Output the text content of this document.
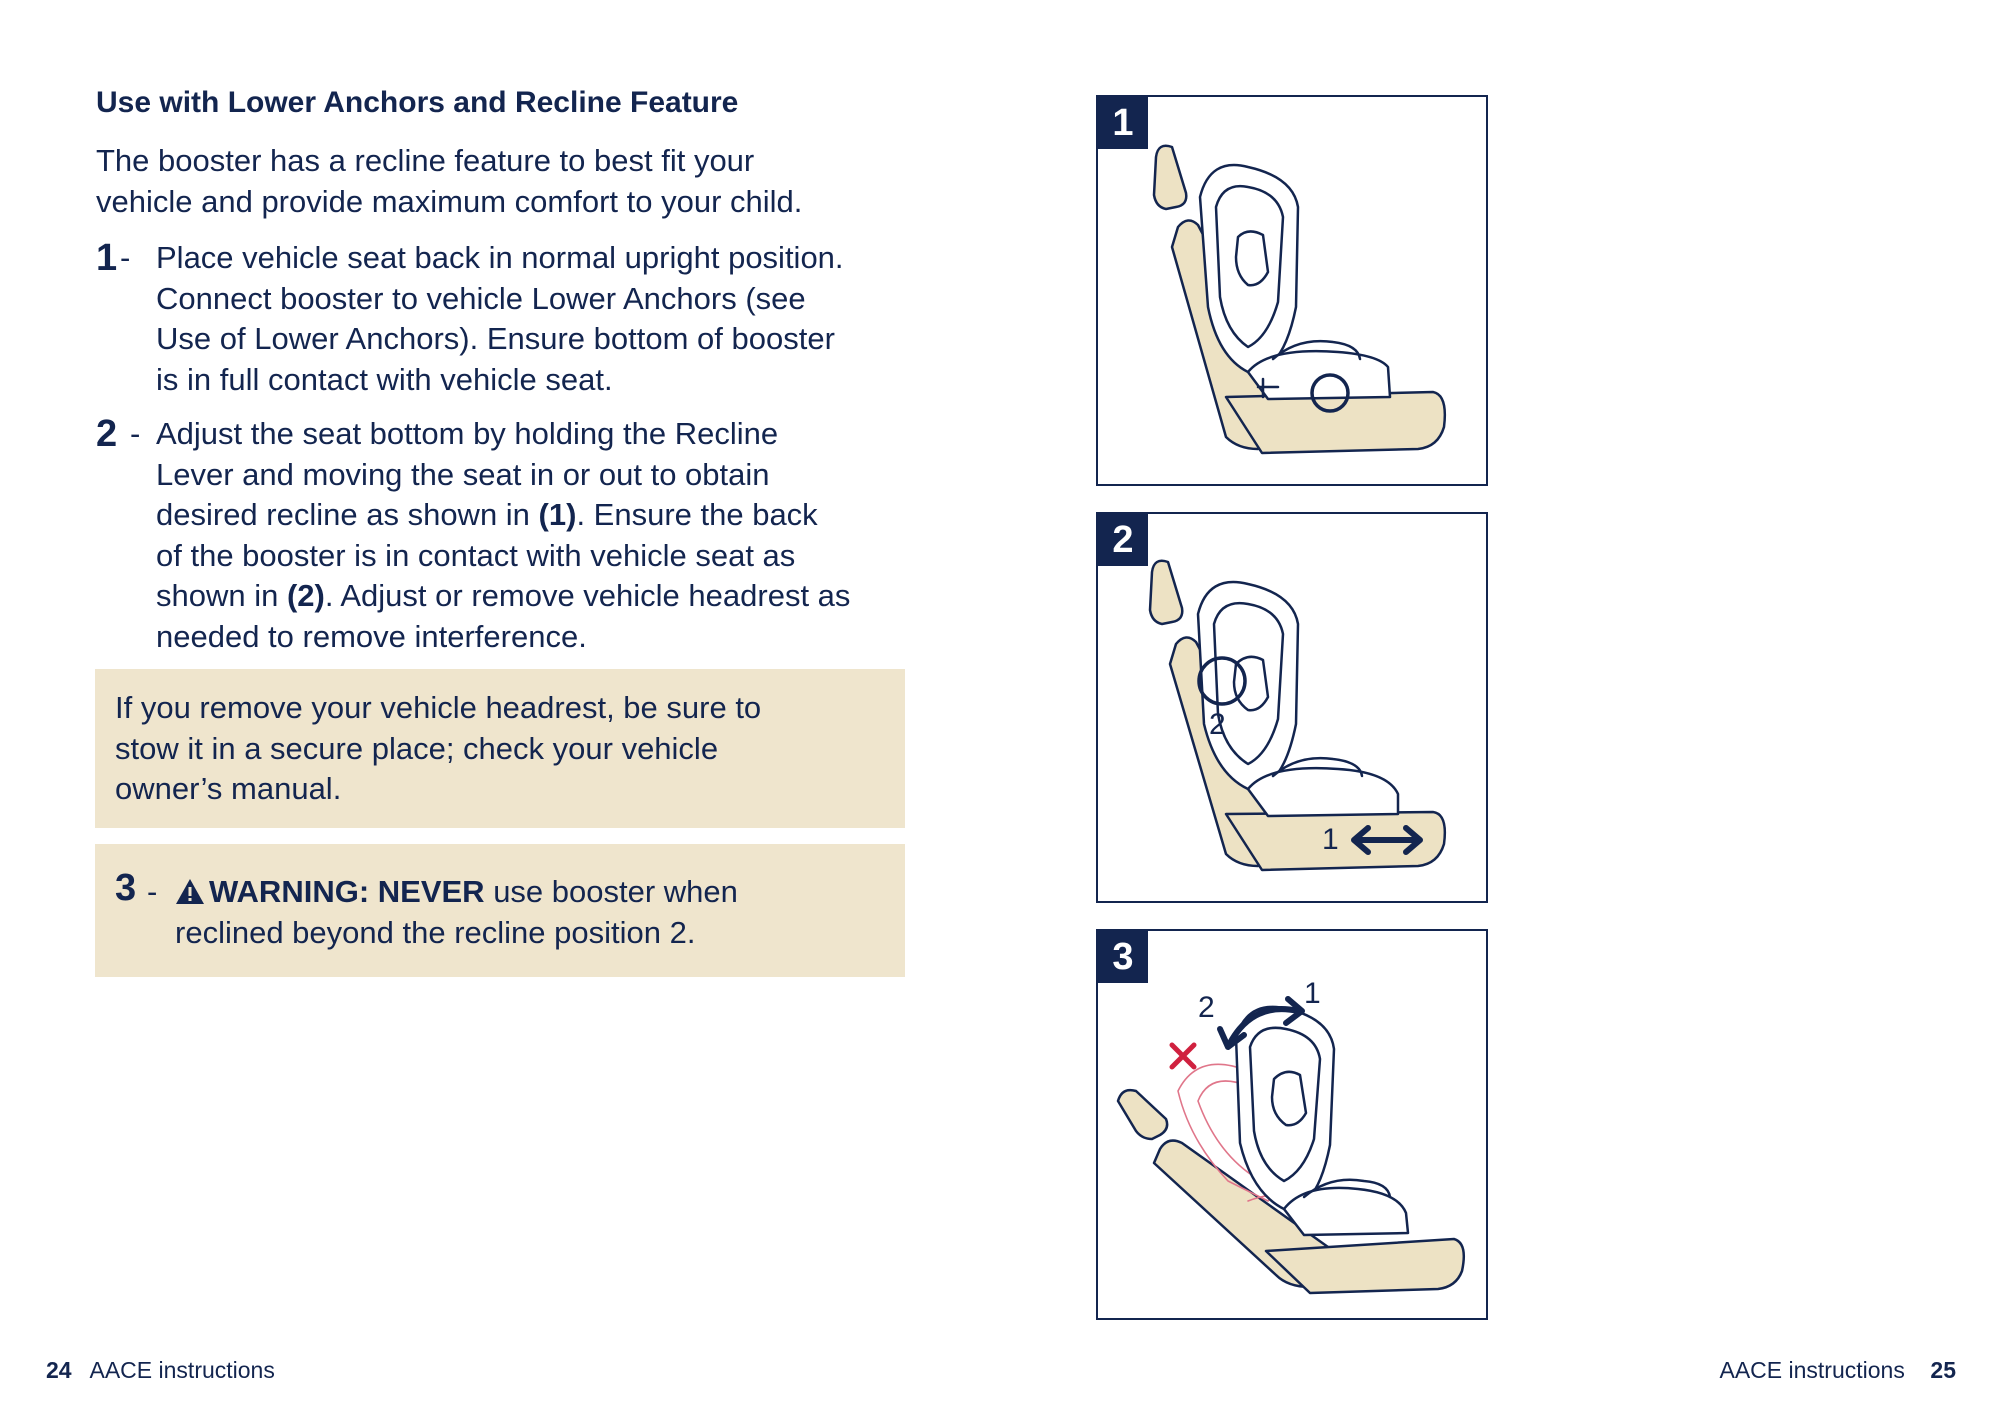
Use with Lower Anchors and Recline Feature
The booster has a recline feature to best fit your
vehicle and provide maximum comfort to your child.
1 - Place vehicle seat back in normal upright position.
Connect booster to vehicle Lower Anchors (see
Use of Lower Anchors). Ensure bottom of booster
is in full contact with vehicle seat.
2 - Adjust the seat bottom by holding the Recline
Lever and moving the seat in or out to obtain
desired recline as shown in (1). Ensure the back
of the booster is in contact with vehicle seat as
shown in (2). Adjust or remove vehicle headrest as
needed to remove interference.
If you remove your vehicle headrest, be sure to
stow it in a secure place; check your vehicle
owner’s manual.
3 -	WARNING: NEVER use booster when
reclined beyond the recline position 2.
1
2
2
1
3
2	1
24 AACE instructions	AACE instructions 25
